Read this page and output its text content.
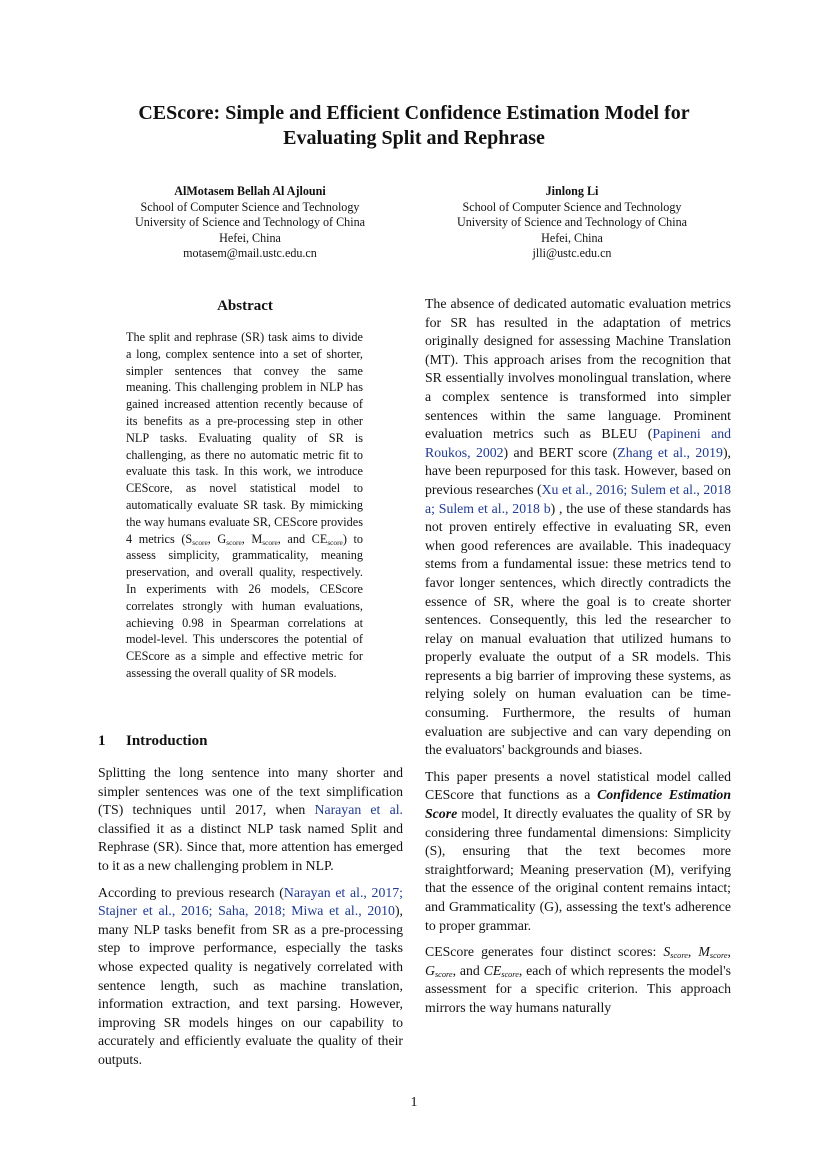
CEScore: Simple and Efficient Confidence Estimation Model for
Evaluating Split and Rephrase
AlMotasem Bellah Al Ajlouni
School of Computer Science and Technology
University of Science and Technology of China
Hefei, China
motasem@mail.ustc.edu.cn
Jinlong Li
School of Computer Science and Technology
University of Science and Technology of China
Hefei, China
jlli@ustc.edu.cn
Abstract
The split and rephrase (SR) task aims to divide a long, complex sentence into a set of shorter, simpler sentences that convey the same meaning. This challenging problem in NLP has gained increased attention recently because of its benefits as a pre-processing step in other NLP tasks. Evaluating quality of SR is challenging, as there no automatic metric fit to evaluate this task. In this work, we introduce CEScore, as novel statistical model to automatically evaluate SR task. By mimicking the way humans evaluate SR, CEScore provides 4 metrics ($S_{score}$, $G_{score}$, $M_{score}$, and $CE_{score}$) to assess simplicity, grammaticality, meaning preservation, and overall quality, respectively. In experiments with 26 models, CEScore correlates strongly with human evaluations, achieving 0.98 in Spearman correlations at model-level. This underscores the potential of CEScore as a simple and effective metric for assessing the overall quality of SR models.
1 Introduction

Splitting the long sentence into many shorter and simpler sentences was one of the text simplification (TS) techniques until 2017, when Narayan et al. classified it as a distinct NLP task named Split and Rephrase (SR). Since that, more attention has emerged to it as a new challenging problem in NLP.

According to previous research (Narayan et al., 2017; Stajner et al., 2016; Saha, 2018; Miwa et al., 2010), many NLP tasks benefit from SR as a pre-processing step to improve performance, especially the tasks whose expected quality is negatively correlated with sentence length, such as machine translation, information extraction, and text parsing. However, improving SR models hinges on our capability to accurately and efficiently evaluate the quality of their outputs.

The absence of dedicated automatic evaluation metrics for SR has resulted in the adaptation of metrics originally designed for assessing Machine Translation (MT). This approach arises from the recognition that SR essentially involves monolingual translation, where a complex sentence is transformed into simpler sentences within the same language. Prominent evaluation metrics such as BLEU (Papineni and Roukos, 2002) and BERT score (Zhang et al., 2019), have been repurposed for this task. However, based on previous researches (Xu et al., 2016; Sulem et al., 2018 a; Sulem et al., 2018 b) , the use of these standards has not proven entirely effective in evaluating SR, even when good references are available. This inadequacy stems from a fundamental issue: these metrics tend to favor longer sentences, which directly contradicts the essence of SR, where the goal is to create shorter sentences. Consequently, this led the researcher to relay on manual evaluation that utilized humans to properly evaluate the output of a SR models. This represents a big barrier of improving these systems, as relying solely on human evaluation can be time-consuming. Furthermore, the results of human evaluation are subjective and can vary depending on the evaluators' backgrounds and biases.

This paper presents a novel statistical model called CEScore that functions as a Confidence Estimation Score model, It directly evaluates the quality of SR by considering three fundamental dimensions: Simplicity (S), ensuring that the text becomes more straightforward; Meaning preservation (M), verifying that the essence of the original content remains intact; and Grammaticality (G), assessing the text's adherence to proper grammar.

CEScore generates four distinct scores: $S_{score}$, $M_{score}$, $G_{score}$, and $CE_{score}$, each of which represents the model's assessment for a specific criterion. This approach mirrors the way humans naturally

1
